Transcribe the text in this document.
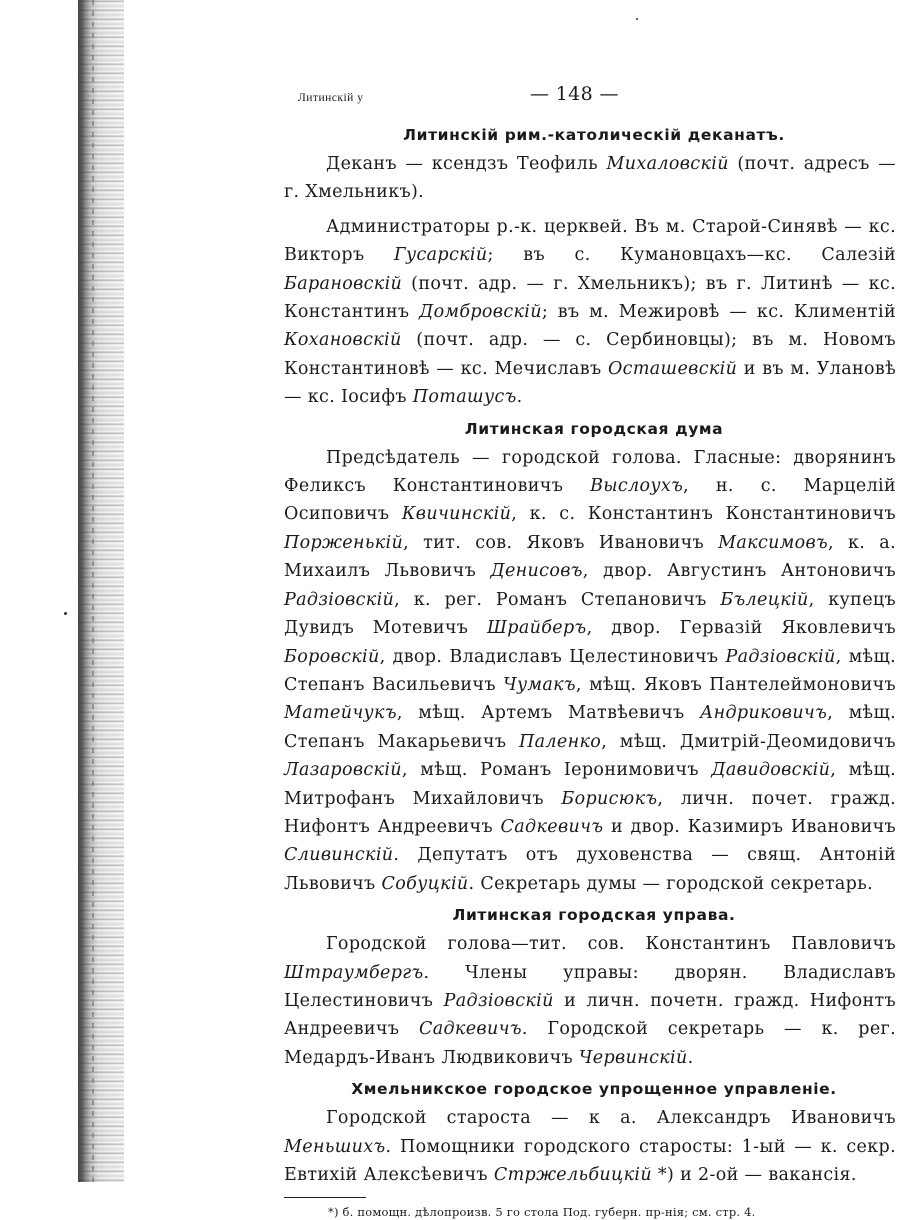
Литинскій у	— 148 —
Литинскій рим.-католическій деканатъ.

Деканъ — ксендзъ Теофиль Михаловскій (почт. адресъ — г. Хмельникъ).

Администраторы р.-к. церквей. Въ м. Старой-Синявѣ — кс. Викторъ Гусарскій; въ с. Кумановцахъ—кс. Салезій Барановскій (почт. адр. — г. Хмельникъ); въ г. Литинѣ — кс. Константинъ Домбровскій; въ м. Межировѣ — кс. Климентій Кохановскій (почт. адр. — с. Сербиновцы); въ м. Новомъ Константиновѣ — кс. Мечиславъ Осташевскій и въ м. Улановѣ — кс. Іосифъ Поташусъ.

Литинская городская дума

Предсѣдатель — городской голова. Гласные: дворянинъ Феликсъ Константиновичъ Выслоухъ, н. с. Марцелій Осиповичъ Квичинскій, к. с. Константинъ Константиновичъ Порженькій, тит. сов. Яковъ Ивановичъ Максимовъ, к. а. Михаилъ Львовичъ Денисовъ, двор. Августинъ Антоновичъ Радзіовскій, к. рег. Романъ Степановичъ Бълецкій, купецъ Дувидъ Мотевичъ Шрайберъ, двор. Гервазій Яковлевичъ Боровскій, двор. Владиславъ Целестиновичъ Радзіовскій, мѣщ. Степанъ Васильевичъ Чумакъ, мѣщ. Яковъ Пантелеймоновичъ Матейчукъ, мѣщ. Артемъ Матвѣевичъ Андриковичъ, мѣщ. Степанъ Макарьевичъ Паленко, мѣщ. Дмитрій-Деомидовичъ Лазаровскій, мѣщ. Романъ Іеронимовичъ Давидовскій, мѣщ. Митрофанъ Михайловичъ Борисюкъ, личн. почет. гражд. Нифонтъ Андреевичъ Садкевичъ и двор. Казимиръ Ивановичъ Сливинскій. Депутатъ отъ духовенства — свящ. Антоній Львовичъ Собуцкій. Секретарь думы — городской секретарь.

Литинская городская управа.

Городской голова—тит. сов. Константинъ Павловичъ Штраумбергъ. Члены управы: дворян. Владиславъ Целестиновичъ Радзіовскій и личн. почетн. гражд. Нифонтъ Андреевичъ Садкевичъ. Городской секретарь — к. рег. Медардъ-Иванъ Людвиковичъ Червинскій.

Хмельникское городское упрощенное управленіе.

Городской староста — к а. Александръ Ивановичъ Меньшихъ. Помощники городского старосты: 1-ый — к. секр. Евтихій Алексѣевичъ Стржельбицкій *) и 2-ой — вакансія.

*) б. помощн. дѣлопроизв. 5 го стола Под. губерн. пр-нія; см. стр. 4.
